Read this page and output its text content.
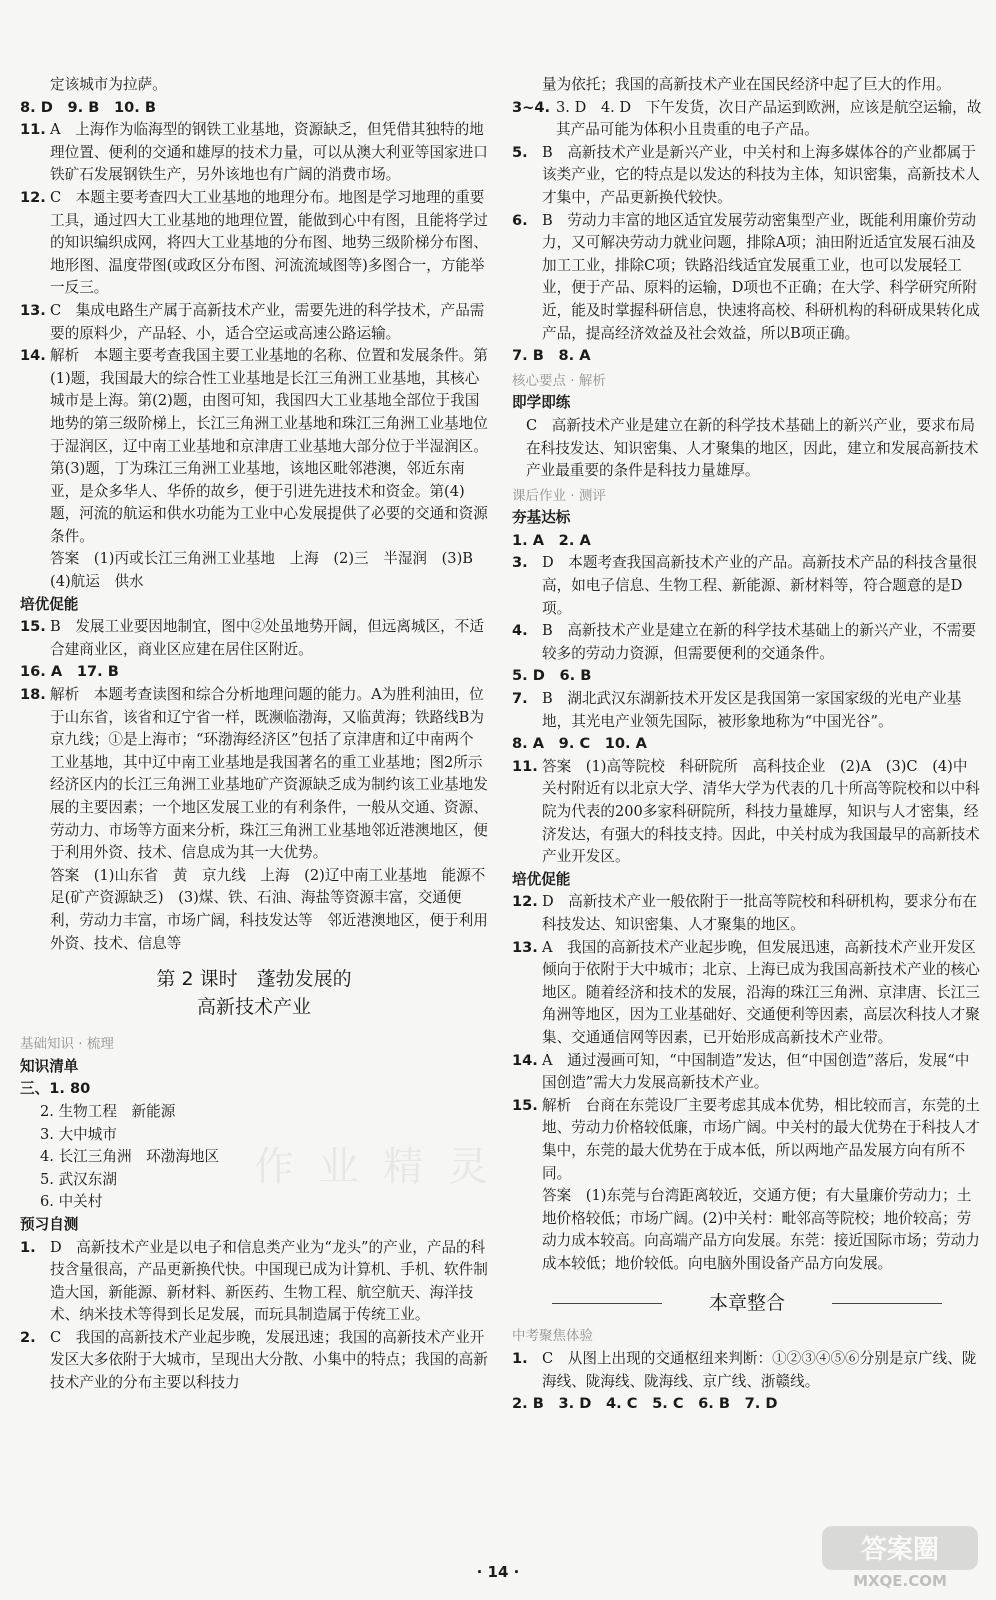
定该城市为拉萨。
8. D　9. B　10. B
11. A　上海作为临海型的钢铁工业基地，资源缺乏，但凭借其独特的地理位置、便利的交通和雄厚的技术力量，可以从澳大利亚等国家进口铁矿石发展钢铁生产，另外该地也有广阔的消费市场。
12. C　本题主要考查四大工业基地的地理分布。地图是学习地理的重要工具，通过四大工业基地的地理位置，能做到心中有图，且能将学过的知识编织成网，将四大工业基地的分布图、地势三级阶梯分布图、地形图、温度带图(或政区分布图、河流流域图等)多图合一，方能举一反三。
13. C　集成电路生产属于高新技术产业，需要先进的科学技术，产品需要的原料少，产品轻、小，适合空运或高速公路运输。
14. 解析　本题主要考查我国主要工业基地的名称、位置和发展条件。第(1)题，我国最大的综合性工业基地是长江三角洲工业基地，其核心城市是上海。第(2)题，由图可知，我国四大工业基地全部位于我国地势的第三级阶梯上，长江三角洲工业基地和珠江三角洲工业基地位于湿润区，辽中南工业基地和京津唐工业基地大部分位于半湿润区。第(3)题，丁为珠江三角洲工业基地，该地区毗邻港澳，邻近东南亚，是众多华人、华侨的故乡，便于引进先进技术和资金。第(4)题，河流的航运和供水功能为工业中心发展提供了必要的交通和资源条件。
答案　(1)丙或长江三角洲工业基地　上海　(2)三　半湿润　(3)B　(4)航运　供水
培优促能
15. B　发展工业要因地制宜，图中②处虽地势开阔，但远离城区，不适合建商业区，商业区应建在居住区附近。
16. A　17. B
18. 解析　本题考查读图和综合分析地理问题的能力。A为胜利油田，位于山东省，该省和辽宁省一样，既濒临渤海，又临黄海；铁路线B为京九线；①是上海市；“环渤海经济区”包括了京津唐和辽中南两个工业基地，其中辽中南工业基地是我国著名的重工业基地；图2所示经济区内的长江三角洲工业基地矿产资源缺乏成为制约该工业基地发展的主要因素；一个地区发展工业的有利条件，一般从交通、资源、劳动力、市场等方面来分析，珠江三角洲工业基地邻近港澳地区，便于利用外资、技术、信息成为其一大优势。
答案　(1)山东省　黄　京九线　上海　(2)辽中南工业基地　能源不足(矿产资源缺乏)　(3)煤、铁、石油、海盐等资源丰富，交通便利，劳动力丰富，市场广阔，科技发达等　邻近港澳地区，便于利用外资、技术、信息等
第 2 课时　蓬勃发展的
高新技术产业
基础知识 · 梳理
知识清单
三、1. 80
2. 生物工程　新能源
3. 大中城市
4. 长江三角洲　环渤海地区
5. 武汉东湖
6. 中关村
预习自测
1. D　高新技术产业是以电子和信息类产业为“龙头”的产业，产品的科技含量很高，产品更新换代快。中国现已成为计算机、手机、软件制造大国，新能源、新材料、新医药、生物工程、航空航天、海洋技术、纳米技术等得到长足发展，而玩具制造属于传统工业。
2. C　我国的高新技术产业起步晚，发展迅速；我国的高新技术产业开发区大多依附于大城市，呈现出大分散、小集中的特点；我国的高新技术产业的分布主要以科技力
量为依托；我国的高新技术产业在国民经济中起了巨大的作用。
3~4. 3. D　4. D　下午发货，次日产品运到欧洲，应该是航空运输，故其产品可能为体积小且贵重的电子产品。
5. B　高新技术产业是新兴产业，中关村和上海多媒体谷的产业都属于该类产业，它的特点是以发达的科技为主体，知识密集，高新技术人才集中，产品更新换代较快。
6. B　劳动力丰富的地区适宜发展劳动密集型产业，既能利用廉价劳动力，又可解决劳动力就业问题，排除A项；油田附近适宜发展石油及加工工业，排除C项；铁路沿线适宜发展重工业，也可以发展轻工业，便于产品、原料的运输，D项也不正确；在大学、科学研究所附近，能及时掌握科研信息，快速将高校、科研机构的科研成果转化成产品，提高经济效益及社会效益，所以B项正确。
7. B　8. A
核心要点 · 解析
即学即练
C　高新技术产业是建立在新的科学技术基础上的新兴产业，要求布局在科技发达、知识密集、人才聚集的地区，因此，建立和发展高新技术产业最重要的条件是科技力量雄厚。
课后作业 · 测评
夯基达标
1. A　2. A
3. D　本题考查我国高新技术产业的产品。高新技术产品的科技含量很高，如电子信息、生物工程、新能源、新材料等，符合题意的是D项。
4. B　高新技术产业是建立在新的科学技术基础上的新兴产业，不需要较多的劳动力资源，但需要便利的交通条件。
5. D　6. B
7. B　湖北武汉东湖新技术开发区是我国第一家国家级的光电产业基地，其光电产业领先国际，被形象地称为“中国光谷”。
8. A　9. C　10. A
11. 答案　(1)高等院校　科研院所　高科技企业　(2)A　(3)C　(4)中关村附近有以北京大学、清华大学为代表的几十所高等院校和以中科院为代表的200多家科研院所，科技力量雄厚，知识与人才密集，经济发达，有强大的科技支持。因此，中关村成为我国最早的高新技术产业开发区。
培优促能
12. D　高新技术产业一般依附于一批高等院校和科研机构，要求分布在科技发达、知识密集、人才聚集的地区。
13. A　我国的高新技术产业起步晚，但发展迅速，高新技术产业开发区倾向于依附于大中城市；北京、上海已成为我国高新技术产业的核心地区。随着经济和技术的发展，沿海的珠江三角洲、京津唐、长江三角洲等地区，因为工业基础好、交通便利等因素，高层次科技人才聚集、交通通信网等因素，已开始形成高新技术产业带。
14. A　通过漫画可知，“中国制造”发达，但“中国创造”落后，发展“中国创造”需大力发展高新技术产业。
15. 解析　台商在东莞设厂主要考虑其成本优势，相比较而言，东莞的土地、劳动力价格较低廉，市场广阔。中关村的最大优势在于科技人才集中，东莞的最大优势在于成本低，所以两地产品发展方向有所不同。
答案　(1)东莞与台湾距离较近，交通方便；有大量廉价劳动力；土地价格较低；市场广阔。(2)中关村：毗邻高等院校；地价较高；劳动力成本较高。向高端产品方向发展。东莞：接近国际市场；劳动力成本较低；地价较低。向电脑外围设备产品方向发展。
本章整合
中考聚焦体验
1. C　从图上出现的交通枢纽来判断：①②③④⑤⑥分别是京广线、陇海线、陇海线、陇海线、京广线、浙赣线。
2. B　3. D　4. C　5. C　6. B　7. D
作 业 精 灵
· 14 ·
答案圈
MXQE.COM
